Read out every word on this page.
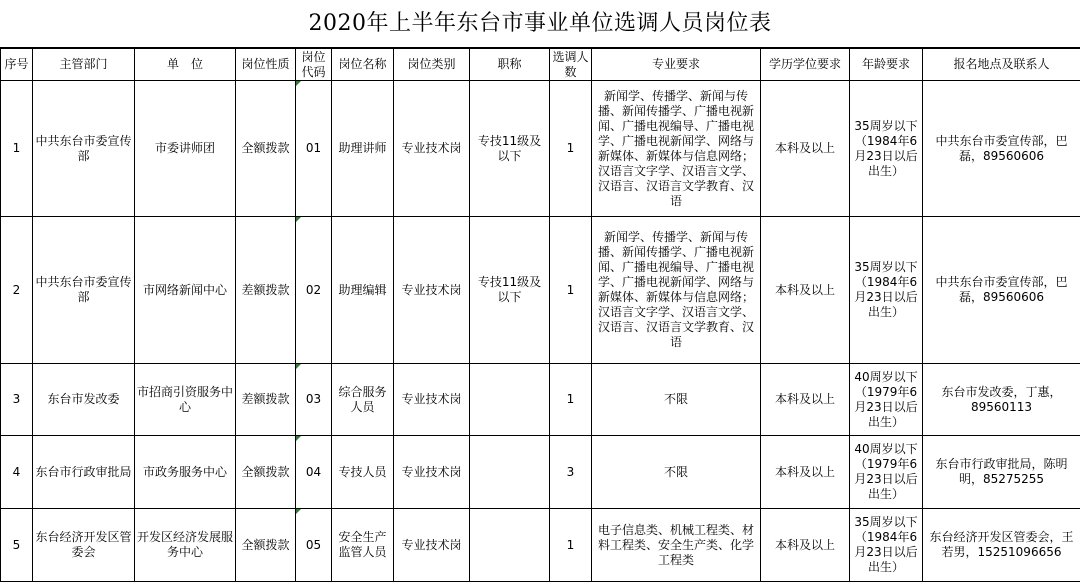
2020年上半年东台市事业单位选调人员岗位表
序号	主管部门	单　位	岗位性质	岗位代码	岗位名称	岗位类别	职称	选调人数	专业要求	学历学位要求	年龄要求	报名地点及联系人
1	中共东台市委宣传部	市委讲师团	全额拨款	01	助理讲师	专业技术岗	专技11级及以下	1	新闻学、传播学、新闻与传播、新闻传播学、广播电视新闻、广播电视编导、广播电视学、广播电视新闻学、网络与新媒体、新媒体与信息网络；汉语言文字学、汉语言文学、汉语言、汉语言文学教育、汉语	本科及以上	35周岁以下（1984年6月23日以后出生）	中共东台市委宣传部，巴磊，89560606
2	中共东台市委宣传部	市网络新闻中心	差额拨款	02	助理编辑	专业技术岗	专技11级及以下	1	新闻学、传播学、新闻与传播、新闻传播学、广播电视新闻、广播电视编导、广播电视学、广播电视新闻学、网络与新媒体、新媒体与信息网络；汉语言文字学、汉语言文学、汉语言、汉语言文学教育、汉语	本科及以上	35周岁以下（1984年6月23日以后出生）	中共东台市委宣传部，巴磊，89560606
3	东台市发改委	市招商引资服务中心	差额拨款	03	综合服务人员	专业技术岗		1	不限	本科及以上	40周岁以下（1979年6月23日以后出生）	东台市发改委，丁惠，89560113
4	东台市行政审批局	市政务服务中心	全额拨款	04	专技人员	专业技术岗		3	不限	本科及以上	40周岁以下（1979年6月23日以后出生）	东台市行政审批局，陈明明，85275255
5	东台经济开发区管委会	开发区经济发展服务中心	全额拨款	05	安全生产监管人员	专业技术岗		1	电子信息类、机械工程类、材料工程类、安全生产类、化学工程类	本科及以上	35周岁以下（1984年6月23日以后出生）	东台经济开发区管委会，王若男，15251096656
